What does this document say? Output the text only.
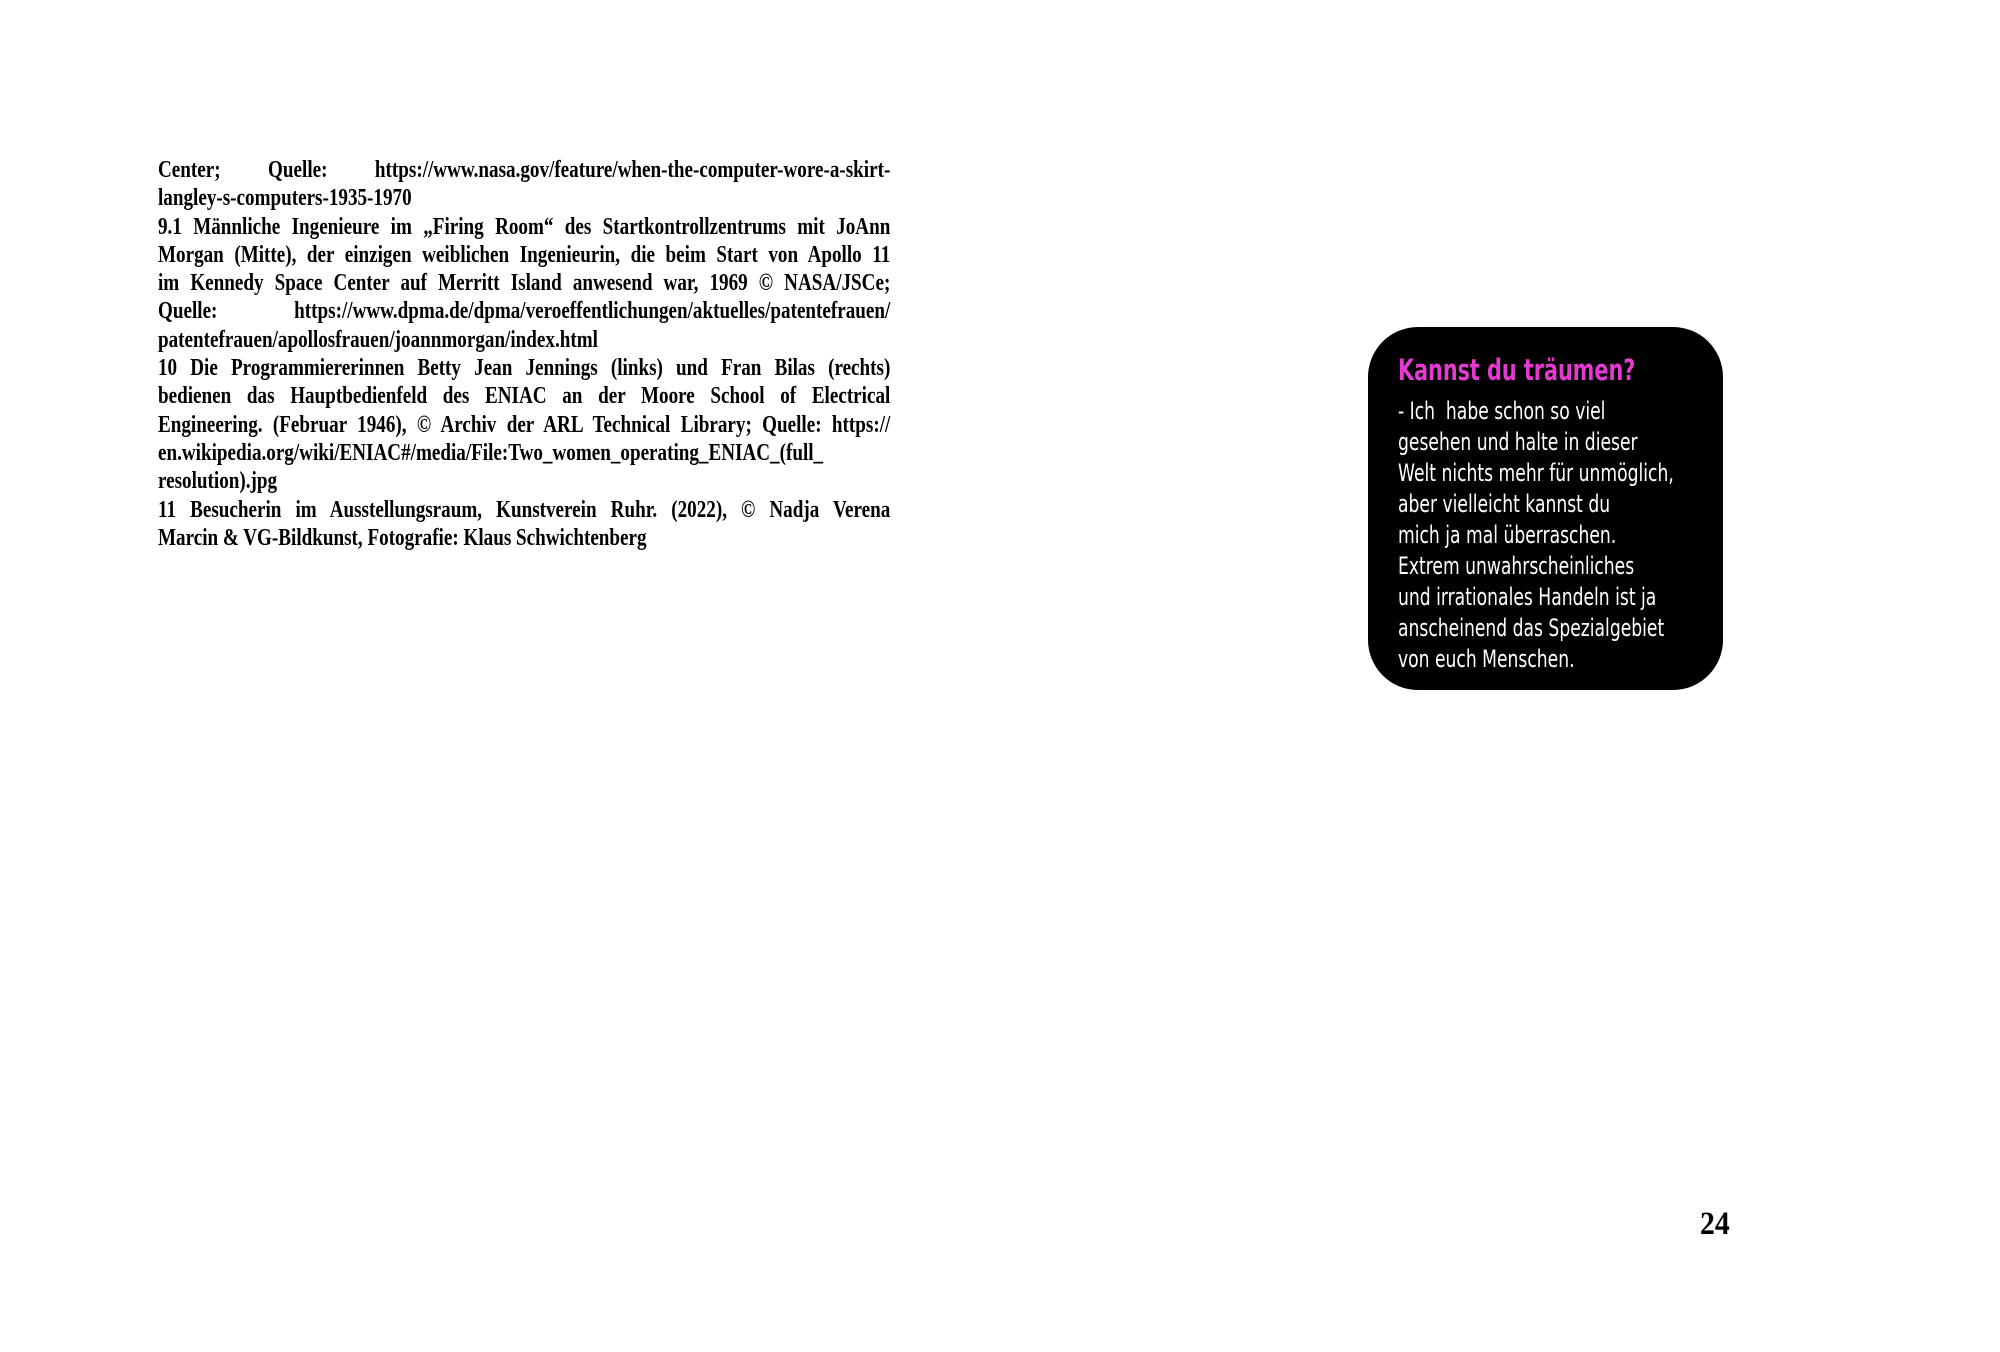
Center; Quelle: https://www.nasa.gov/feature/when-the-computer-wore-a-skirt-
langley-s-computers-1935-1970
9.1 Männliche Ingenieure im „Firing Room“ des Startkontrollzentrums mit JoAnn
Morgan (Mitte), der einzigen weiblichen Ingenieurin, die beim Start von Apollo 11
im Kennedy Space Center auf Merritt Island anwesend war, 1969 © NASA/JSCe;
Quelle: https://www.dpma.de/dpma/veroeffentlichungen/aktuelles/patentefrauen/
patentefrauen/apollosfrauen/joannmorgan/index.html
10 Die Programmiererinnen Betty Jean Jennings (links) und Fran Bilas (rechts)
bedienen das Hauptbedienfeld des ENIAC an der Moore School of Electrical
Engineering. (Februar 1946), © Archiv der ARL Technical Library; Quelle: https://
en.wikipedia.org/wiki/ENIAC#/media/File:Two_women_operating_ENIAC_(full_
resolution).jpg
11 Besucherin im Ausstellungsraum, Kunstverein Ruhr. (2022), © Nadja Verena
Marcin & VG-Bildkunst, Fotografie: Klaus Schwichtenberg
Kannst du träumen?
- Ich  habe schon so viel
gesehen und halte in dieser
Welt nichts mehr für unmöglich,
aber vielleicht kannst du
mich ja mal überraschen.
Extrem unwahrscheinliches
und irrationales Handeln ist ja
anscheinend das Spezialgebiet
von euch Menschen.
24
